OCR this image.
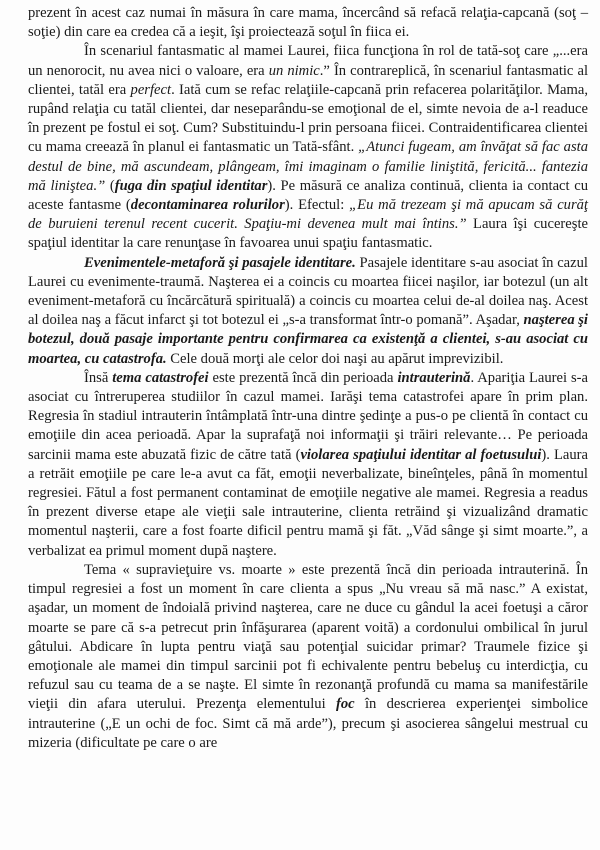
prezent în acest caz numai în măsura în care mama, încercând să refacă relaţia-capcană (soţ – soţie) din care ea credea că a ieşit, îşi proiectează soţul în fiica ei.

În scenariul fantasmatic al mamei Laurei, fiica funcţiona în rol de tată-soţ care „...era un nenorocit, nu avea nici o valoare, era un nimic.” În contrareplică, în scenariul fantasmatic al clientei, tatăl era perfect. Iată cum se refac relaţiile-capcană prin refacerea polarităţilor. Mama, rupând relaţia cu tatăl clientei, dar neseparându-se emoţional de el, simte nevoia de a-l readuce în prezent pe fostul ei soţ. Cum? Substituindu-l prin persoana fiicei. Contraidentificarea clientei cu mama creează în planul ei fantasmatic un Tată-sfânt. „Atunci fugeam, am învăţat să fac asta destul de bine, mă ascundeam, plângeam, îmi imaginam o familie liniştită, fericită... fantezia mă liniştea.” (fuga din spaţiul identitar). Pe măsură ce analiza continuă, clienta ia contact cu aceste fantasme (decontaminarea rolurilor). Efectul: „Eu mă trezeam şi mă apucam să curăţ de buruieni terenul recent cucerit. Spaţiu-mi devenea mult mai întins.” Laura îşi cucereşte spaţiul identitar la care renunţase în favoarea unui spaţiu fantasmatic.

Evenimentele-metaforă şi pasajele identitare. Pasajele identitare s-au asociat în cazul Laurei cu evenimente-traumă. Naşterea ei a coincis cu moartea fiicei naşilor, iar botezul (un alt eveniment-metaforă cu încărcătură spirituală) a coincis cu moartea celui de-al doilea naş. Acest al doilea naş a făcut infarct şi tot botezul ei „s-a transformat într-o pomană”. Aşadar, naşterea şi botezul, două pasaje importante pentru confirmarea ca existenţă a clientei, s-au asociat cu moartea, cu catastrofa. Cele două morţi ale celor doi naşi au apărut imprevizibil.

Însă tema catastrofei este prezentă încă din perioada intrauterină. Apariţia Laurei s-a asociat cu întreruperea studiilor în cazul mamei. Iarăşi tema catastrofei apare în prim plan. Regresia în stadiul intrauterin întâmplată într-una dintre şedinţe a pus-o pe clientă în contact cu emoţiile din acea perioadă. Apar la suprafaţă noi informaţii şi trăiri relevante… Pe perioada sarcinii mama este abuzată fizic de către tată (violarea spaţiului identitar al foetusului). Laura a retrăit emoţiile pe care le-a avut ca făt, emoţii neverbalizate, bineînţeles, până în momentul regresiei. Fătul a fost permanent contaminat de emoţiile negative ale mamei. Regresia a readus în prezent diverse etape ale vieţii sale intrauterine, clienta retrăind şi vizualizând dramatic momentul naşterii, care a fost foarte dificil pentru mamă şi făt. „Văd sânge şi simt moarte.”, a verbalizat ea primul moment după naştere.

Tema « supravieţuire vs. moarte » este prezentă încă din perioada intrauterină. În timpul regresiei a fost un moment în care clienta a spus „Nu vreau să mă nasc.” A existat, aşadar, un moment de îndoială privind naşterea, care ne duce cu gândul la acei foetuşi a căror moarte se pare că s-a petrecut prin înfăşurarea (aparent voită) a cordonului ombilical în jurul gâtului. Abdicare în lupta pentru viaţă sau potenţial suicidar primar? Traumele fizice şi emoţionale ale mamei din timpul sarcinii pot fi echivalente pentru bebeluş cu interdicţia, cu refuzul sau cu teama de a se naşte. El simte în rezonanţă profundă cu mama sa manifestările vieţii din afara uterului. Prezenţa elementului foc în descrierea experienţei simbolice intrauterine („E un ochi de foc. Simt că mă arde”), precum şi asocierea sângelui mestrual cu mizeria (dificultate pe care o are
